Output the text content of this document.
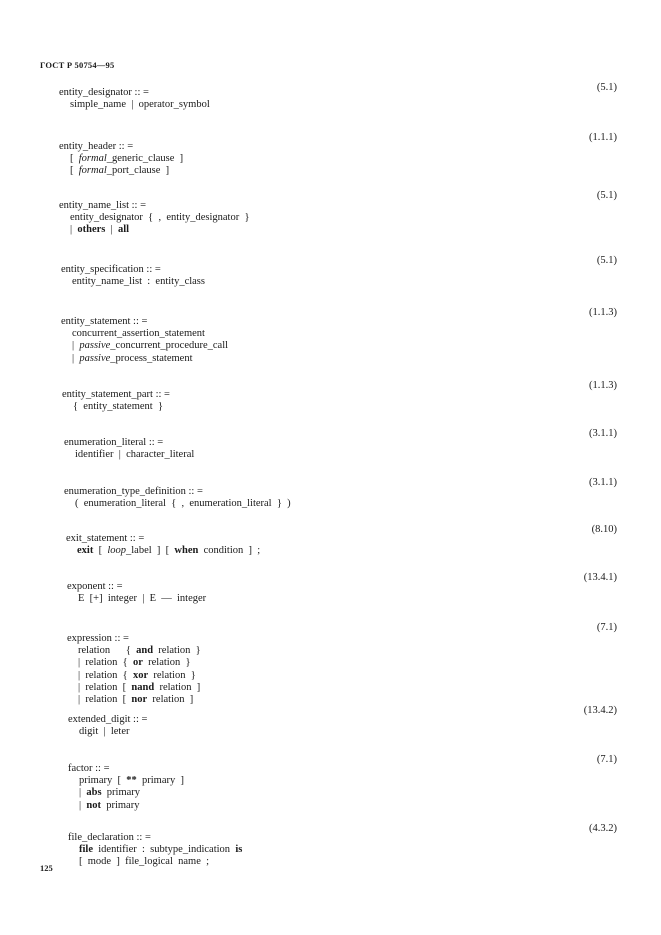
ГОСТ Р 50754—95
entity_designator :: =	(5.1)
simple_name  |  operator_symbol
entity_header :: =
(1.1.1)
[  formal_generic_clause  ]
[  formal_port_clause  ]
entity_name_list :: =
(5.1)
entity_designator  {  ,  entity_designator  }
|  others  |  all
entity_specification :: =
(5.1)
entity_name_list  :  entity_class
entity_statement :: =
(1.1.3)
concurrent_assertion_statement
|  passive_concurrent_procedure_call
|  passive_process_statement
entity_statement_part :: =
(1.1.3)
{  entity_statement  }
enumeration_literal :: =
(3.1.1)
identifier  |  character_literal
enumeration_type_definition :: =
(3.1.1)
(  enumeration_literal  {  ,  enumeration_literal  }  )
exit_statement :: =
(8.10)
exit  [  loop_label  ]  [  when  condition  ]  ;
exponent :: =
(13.4.1)
E  [+]  integer  |  E  —  integer
expression :: =
(7.1)
relation      {  and  relation  }
|  relation  {  or  relation  }
|  relation  {  xor  relation  }
|  relation  [  nand  relation  ]
|  relation  [  nor  relation  ]
extended_digit :: =
(13.4.2)
digit  |  leter
factor :: =
(7.1)
primary  [  **  primary  ]
|  abs  primary
|  not  primary
file_declaration :: =
(4.3.2)
file  identifier  :  subtype_indication  is
[  mode  ]  file_logical  name  ;
125
